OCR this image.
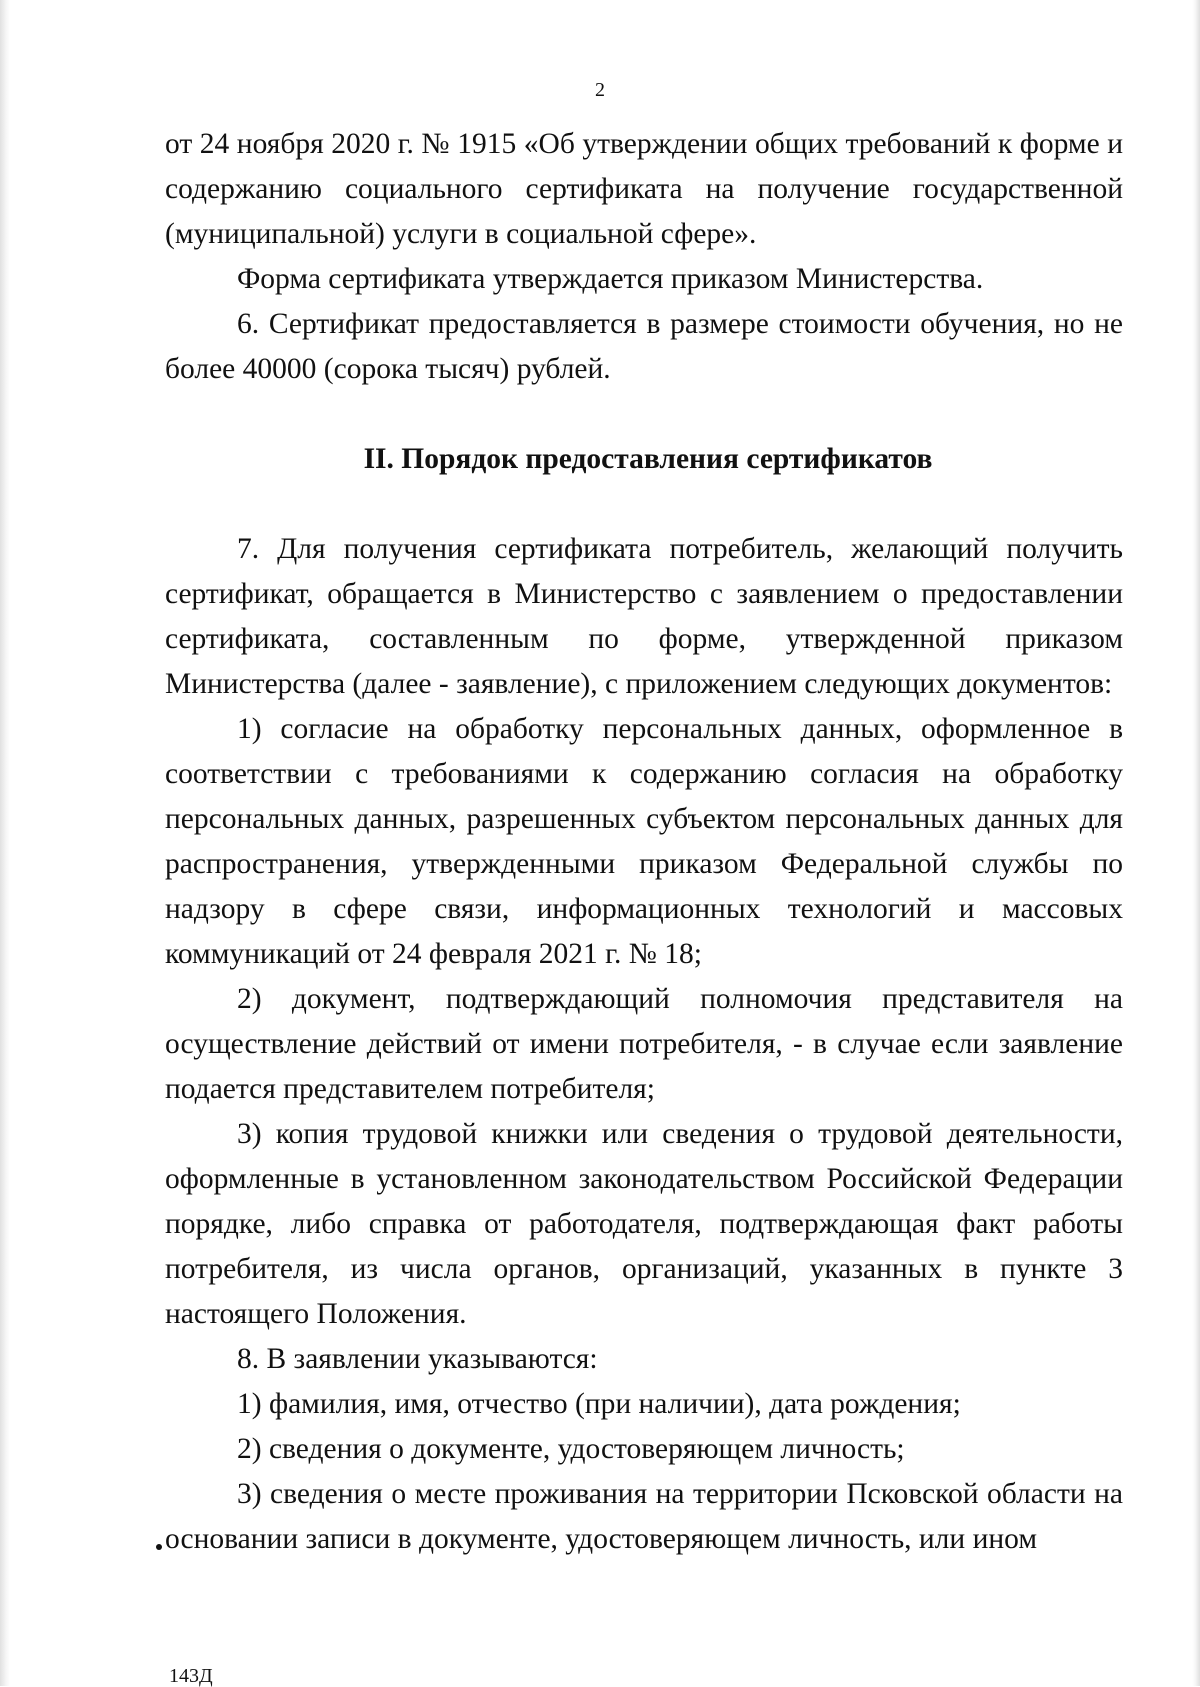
2

от 24 ноября 2020 г. № 1915 «Об утверждении общих требований к форме и содержанию социального сертификата на получение государственной (муниципальной) услуги в социальной сфере».

Форма сертификата утверждается приказом Министерства.

6. Сертификат предоставляется в размере стоимости обучения, но не более 40000 (сорока тысяч) рублей.

II. Порядок предоставления сертификатов

7. Для получения сертификата потребитель, желающий получить сертификат, обращается в Министерство с заявлением о предоставлении сертификата, составленным по форме, утвержденной приказом Министерства (далее - заявление), с приложением следующих документов:

1) согласие на обработку персональных данных, оформленное в соответствии с требованиями к содержанию согласия на обработку персональных данных, разрешенных субъектом персональных данных для распространения, утвержденными приказом Федеральной службы по надзору в сфере связи, информационных технологий и массовых коммуникаций от 24 февраля 2021 г. № 18;

2) документ, подтверждающий полномочия представителя на осуществление действий от имени потребителя, - в случае если заявление подается представителем потребителя;

3) копия трудовой книжки или сведения о трудовой деятельности, оформленные в установленном законодательством Российской Федерации порядке, либо справка от работодателя, подтверждающая факт работы потребителя, из числа органов, организаций, указанных в пункте 3 настоящего Положения.

8. В заявлении указываются:

1) фамилия, имя, отчество (при наличии), дата рождения;

2) сведения о документе, удостоверяющем личность;

3) сведения о месте проживания на территории Псковской области на основании записи в документе, удостоверяющем личность, или ином

143Д
